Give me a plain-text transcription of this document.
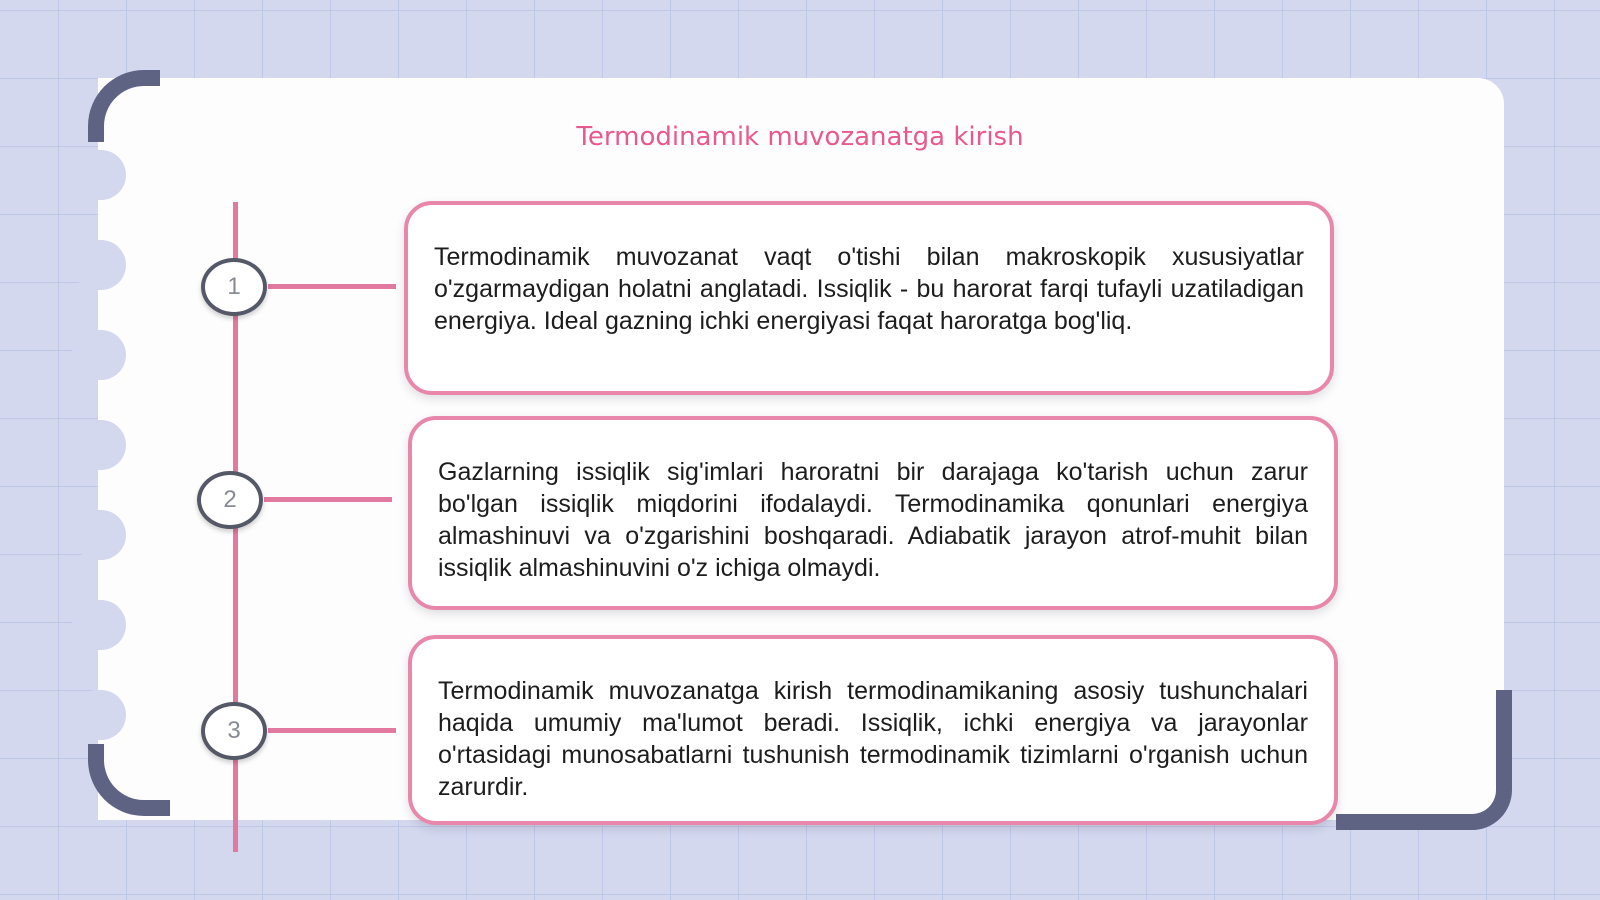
Termodinamik muvozanatga kirish
1
2
3

Termodinamik muvozanat vaqt o'tishi bilan makroskopik xususiyatlar o'zgarmaydigan holatni anglatadi. Issiqlik - bu harorat farqi tufayli uzatiladigan energiya. Ideal gazning ichki energiyasi faqat haroratga bog'liq.

Gazlarning issiqlik sig'imlari haroratni bir darajaga ko'tarish uchun zarur bo'lgan issiqlik miqdorini ifodalaydi. Termodinamika qonunlari energiya almashinuvi va o'zgarishini boshqaradi. Adiabatik jarayon atrof-muhit bilan issiqlik almashinuvini o'z ichiga olmaydi.

Termodinamik muvozanatga kirish termodinamikaning asosiy tushunchalari haqida umumiy ma'lumot beradi. Issiqlik, ichki energiya va jarayonlar o'rtasidagi munosabatlarni tushunish termodinamik tizimlarni o'rganish uchun zarurdir.
